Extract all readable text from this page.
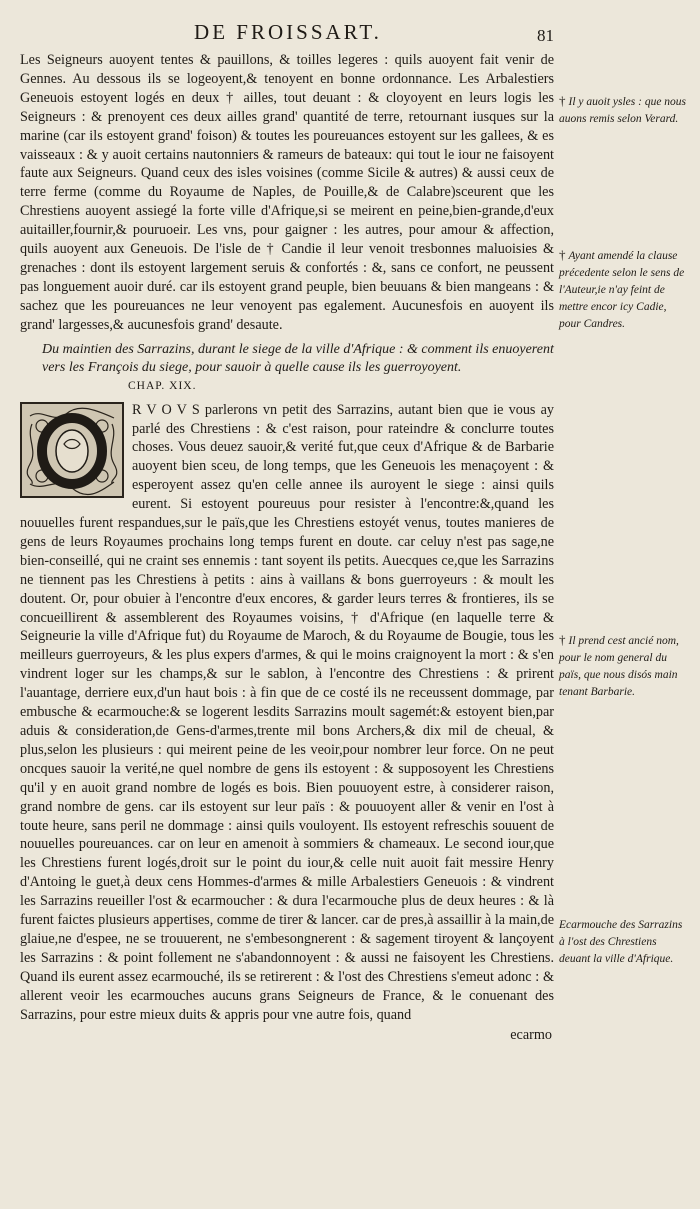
DE FROISSART.	81

Les Seigneurs auoyent tentes & pauillons, & toilles legeres : quils auoyent fait venir de Gennes. Au dessous ils se logeoyent,& tenoyent en bonne ordonnance. Les Arbalestiers Geneuois estoyent logés en deux † ailles, tout deuant : & cloyoyent en leurs logis les Seigneurs : & prenoyent ces deux ailles grand' quantité de terre, retournant iusques sur la marine (car ils estoyent grand' foison) & toutes les poureuances estoyent sur les gallees, & es vaisseaux : & y auoit certains nautonniers & rameurs de bateaux: qui tout le iour ne faisoyent faute aux Seigneurs. Quand ceux des isles voisines (comme Sicile & autres) & aussi ceux de terre ferme (comme du Royaume de Naples, de Pouille,& de Calabre)sceurent que les Chrestiens auoyent assiegé la forte ville d'Afrique,si se meirent en peine,bien-grande,d'eux auitailler,fournir,& pouruoeir. Les vns, pour gaigner : les autres, pour amour & affection, quils auoyent aux Geneuois. De l'isle de † Candie il leur venoit tresbonnes maluoisies & grenaches : dont ils estoyent largement seruis & confortés : &, sans ce confort, ne peussent pas longuement auoir duré. car ils estoyent grand peuple, bien beuuans & bien mangeans : & sachez que les poureuances ne leur venoyent pas egalement. Aucunesfois en auoyent ils grand' largesses,& aucunesfois grand' desaute.

Du maintien des Sarrazins, durant le siege de la ville d'Afrique : & comment ils enuoyerent vers les François du siege, pour sauoir à quelle cause ils les guerroyoyent. CHAP. XIX.

R V O V S parlerons vn petit des Sarrazins, autant bien que ie vous ay parlé des Chrestiens : & c'est raison, pour rateindre & conclurre toutes choses. Vous deuez sauoir,& verité fut,que ceux d'Afrique & de Barbarie auoyent bien sceu, de long temps, que les Geneuois les menaçoyent : & esperoyent assez qu'en celle annee ils auroyent le siege : ainsi quils eurent. Si estoyent poureuus pour resister à l'encontre:&,quand les nouuelles furent respandues,sur le païs,que les Chrestiens estoyét venus, toutes manieres de gens de leurs Royaumes prochains long temps furent en doute. car celuy n'est pas sage,ne bien-conseillé, qui ne craint ses ennemis : tant soyent ils petits. Auecques ce,que les Sarrazins ne tiennent pas les Chrestiens à petits : ains à vaillans & bons guerroyeurs : & moult les doutent. Or, pour obuier à l'encontre d'eux encores, & garder leurs terres & frontieres, ils se concueillirent & assemblerent des Royaumes voisins, † d'Afrique (en laquelle terre & Seigneurie la ville d'Afrique fut) du Royaume de Maroch, & du Royaume de Bougie, tous les meilleurs guerroyeurs, & les plus expers d'armes, & qui le moins craignoyent la mort : & s'en vindrent loger sur les champs,& sur le sablon, à l'encontre des Chrestiens : & prirent l'auantage, derriere eux,d'un haut bois : à fin que de ce costé ils ne receussent dommage, par embusche & ecarmouche:& se logerent lesdits Sarrazins moult sagemét:& estoyent bien,par aduis & consideration,de Gens-d'armes,trente mil bons Archers,& dix mil de cheual, & plus,selon les plusieurs : qui meirent peine de les veoir,pour nombrer leur force. On ne peut oncques sauoir la verité,ne quel nombre de gens ils estoyent : & supposoyent les Chrestiens qu'il y en auoit grand nombre de logés es bois. Bien pouuoyent estre, à considerer raison, grand nombre de gens. car ils estoyent sur leur païs : & pouuoyent aller & venir en l'ost à toute heure, sans peril ne dommage : ainsi quils vouloyent. Ils estoyent refreschis souuent de nouuelles poureuances. car on leur en amenoit à sommiers & chameaux. Le second iour,que les Chrestiens furent logés,droit sur le point du iour,& celle nuit auoit fait messire Henry d'Antoing le guet,à deux cens Hommes-d'armes & mille Arbalestiers Geneuois : & vindrent les Sarrazins reueiller l'ost & ecarmoucher : & dura l'ecarmouche plus de deux heures : & là furent faictes plusieurs appertises, comme de tirer & lancer. car de pres,à assaillir à la main,de glaiue,ne d'espee, ne se trouuerent, ne s'embesongnerent : & sagement tiroyent & lançoyent les Sarrazins : & point follement ne s'abandonnoyent : & aussi ne faisoyent les Chrestiens. Quand ils eurent assez ecarmouché, ils se retirerent : & l'ost des Chrestiens s'emeut adonc : & allerent veoir les ecarmouches aucuns grans Seigneurs de France, & le conuenant des Sarrazins, pour estre mieux duits & appris pour vne autre fois, quand

ecarmo
† Il y auoit ysles : que nous auons remis selon Verard.
† Ayant amendé la clause précedente selon le sens de l'Auteur,ie n'ay feint de mettre encor icy Cadie, pour Candres.
† Il prend cest ancié nom, pour le nom general du païs, que nous disós main tenant Barbarie.
Ecarmouche des Sarrazins à l'ost des Chrestiens deuant la ville d'Afrique.
